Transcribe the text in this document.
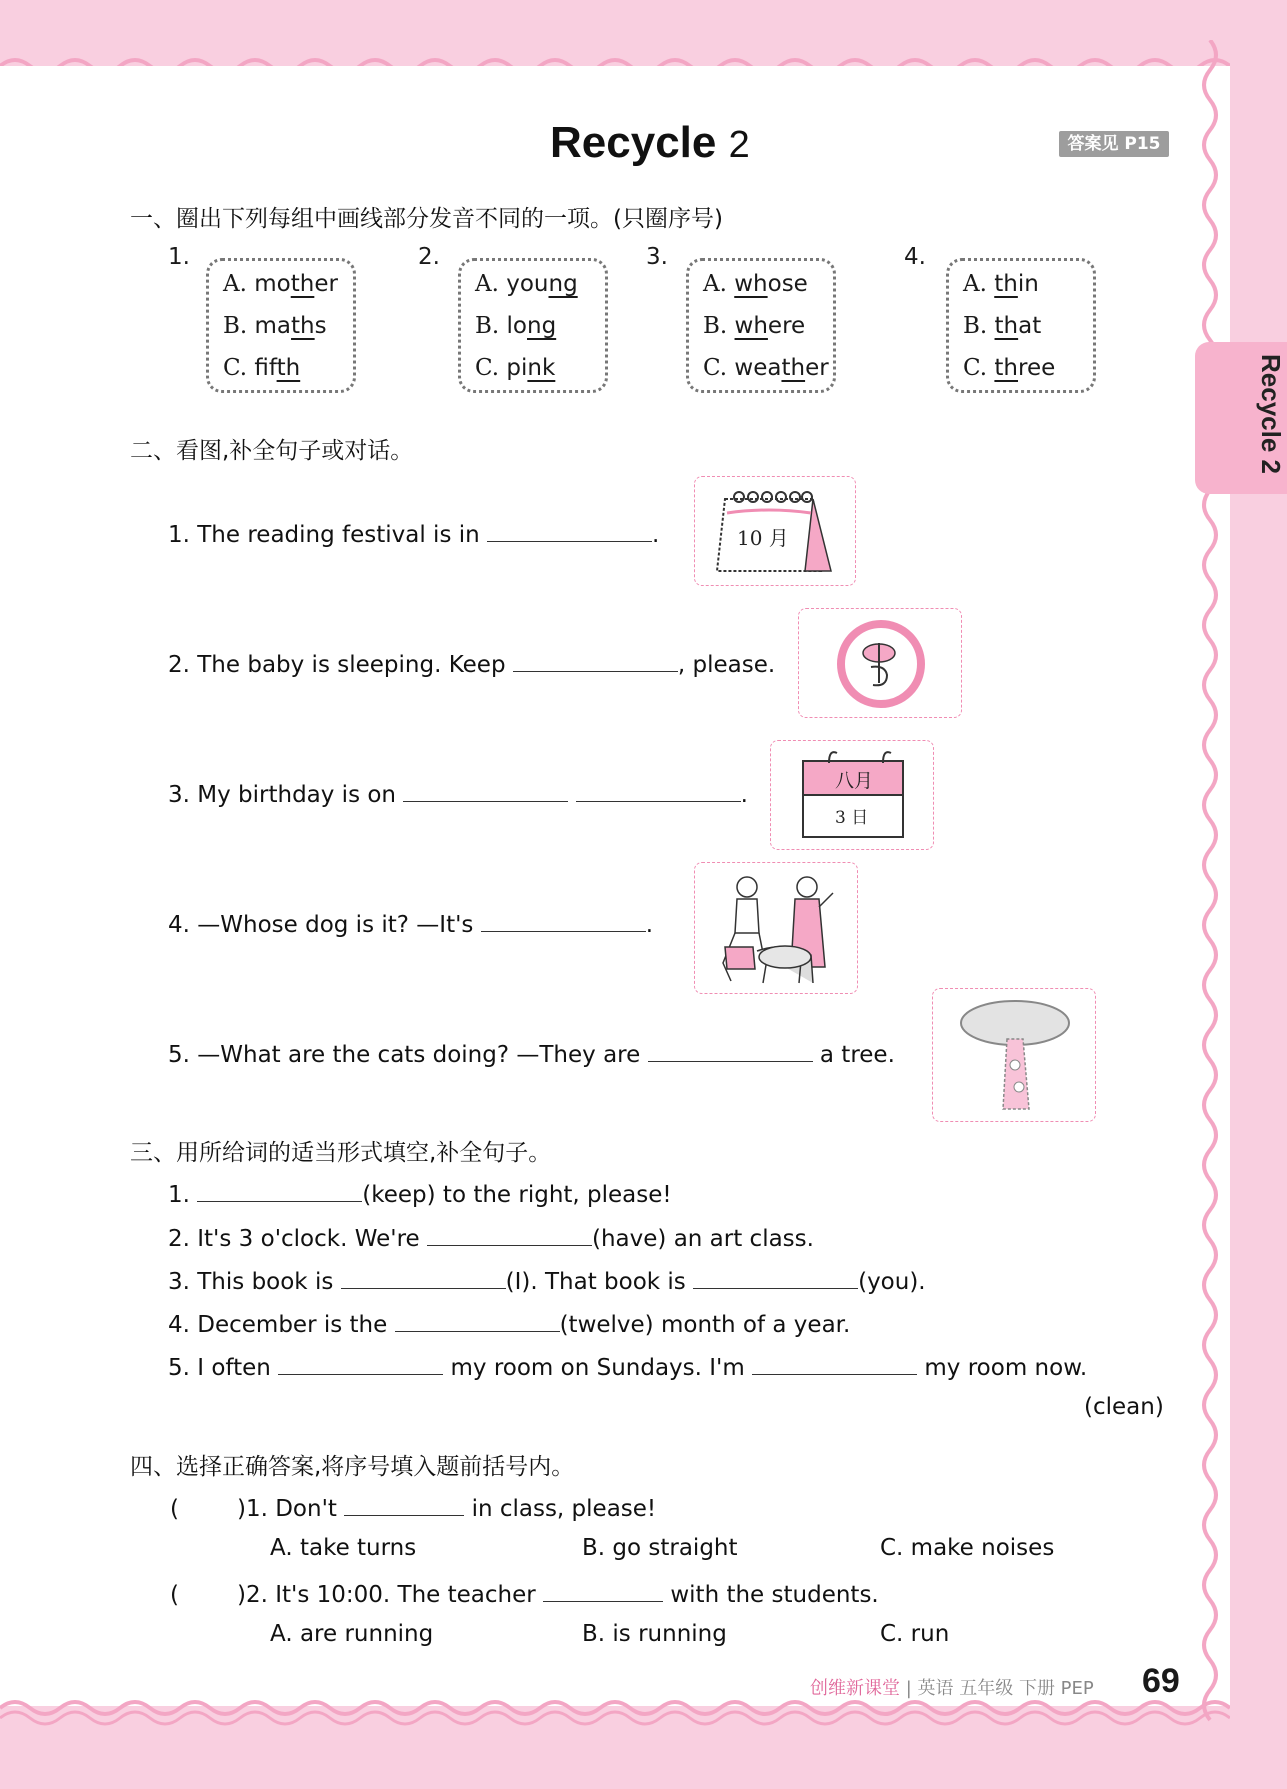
Recycle 2	答案见 P15
Recycle 2
一、圈出下列每组中画线部分发音不同的一项。(只圈序号)
1.
A. mother
B. maths
C. fifth
2.
A. young
B. long
C. pink
3.
A. whose
B. where
C. weather
4.
A. thin
B. that
C. three
二、看图,补全句子或对话。
1. The reading festival is in	.	10 月
2. The baby is sleeping. Keep	, please.
3. My birthday is on	.
八月
3 日
4. —Whose dog is it? —It's	.
5. —What are the cats doing? —They are	a tree.
三、用所给词的适当形式填空,补全句子。
1.	(keep) to the right, please!
2. It's 3 o'clock. We're	(have) an art class.
3. This book is	(I). That book is	(you).
4. December is the	(twelve) month of a year.
5. I often	my room on Sundays. I'm	my room now.
(clean)
四、选择正确答案,将序号填入题前括号内。
(	)1. Don't	in class, please!
A. take turns	B. go straight	C. make noises
(	)2. It's 10:00. The teacher	with the students.
A. are running	B. is running	C. run
创维新课堂 | 英语 五年级 下册 PEP 69
